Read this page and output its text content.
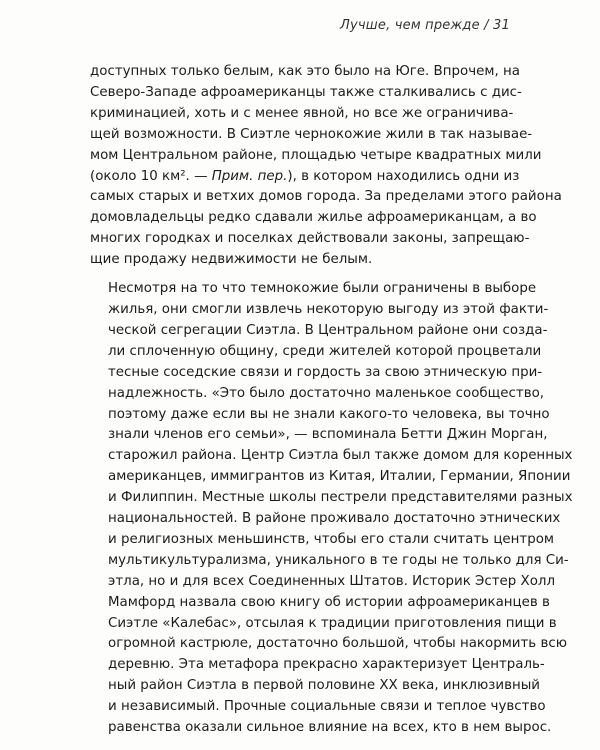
Лучше, чем прежде / 31

доступных только белым, как это было на Юге. Впрочем, на
Северо-Западе афроамериканцы также сталкивались с дис-
криминацией, хоть и с менее явной, но все же ограничива-
щей возможности. В Сиэтле чернокожие жили в так называе-
мом Центральном районе, площадью четыре квадратных мили
(около 10 км². — Прим. пер.), в котором находились одни из
самых старых и ветхих домов города. За пределами этого района
домовладельцы редко сдавали жилье афроамериканцам, а во
многих городках и поселках действовали законы, запрещаю-
щие продажу недвижимости не белым.

Несмотря на то что темнокожие были ограничены в выборе
жилья, они смогли извлечь некоторую выгоду из этой факти-
ческой сегрегации Сиэтла. В Центральном районе они созда-
ли сплоченную общину, среди жителей которой процветали
тесные соседские связи и гордость за свою этническую при-
надлежность. «Это было достаточно маленькое сообщество,
поэтому даже если вы не знали какого-то человека, вы точно
знали членов его семьи», — вспоминала Бетти Джин Морган,
старожил района. Центр Сиэтла был также домом для коренных
американцев, иммигрантов из Китая, Италии, Германии, Японии
и Филиппин. Местные школы пестрели представителями разных
национальностей. В районе проживало достаточно этнических
и религиозных меньшинств, чтобы его стали считать центром
мультикультурализма, уникального в те годы не только для Си-
этла, но и для всех Соединенных Штатов. Историк Эстер Холл
Мамфорд назвала свою книгу об истории афроамериканцев в
Сиэтле «Калебас», отсылая к традиции приготовления пищи в
огромной кастрюле, достаточно большой, чтобы накормить всю
деревню. Эта метафора прекрасно характеризует Централь-
ный район Сиэтла в первой половине XX века, инклюзивный
и независимый. Прочные социальные связи и теплое чувство
равенства оказали сильное влияние на всех, кто в нем вырос.
